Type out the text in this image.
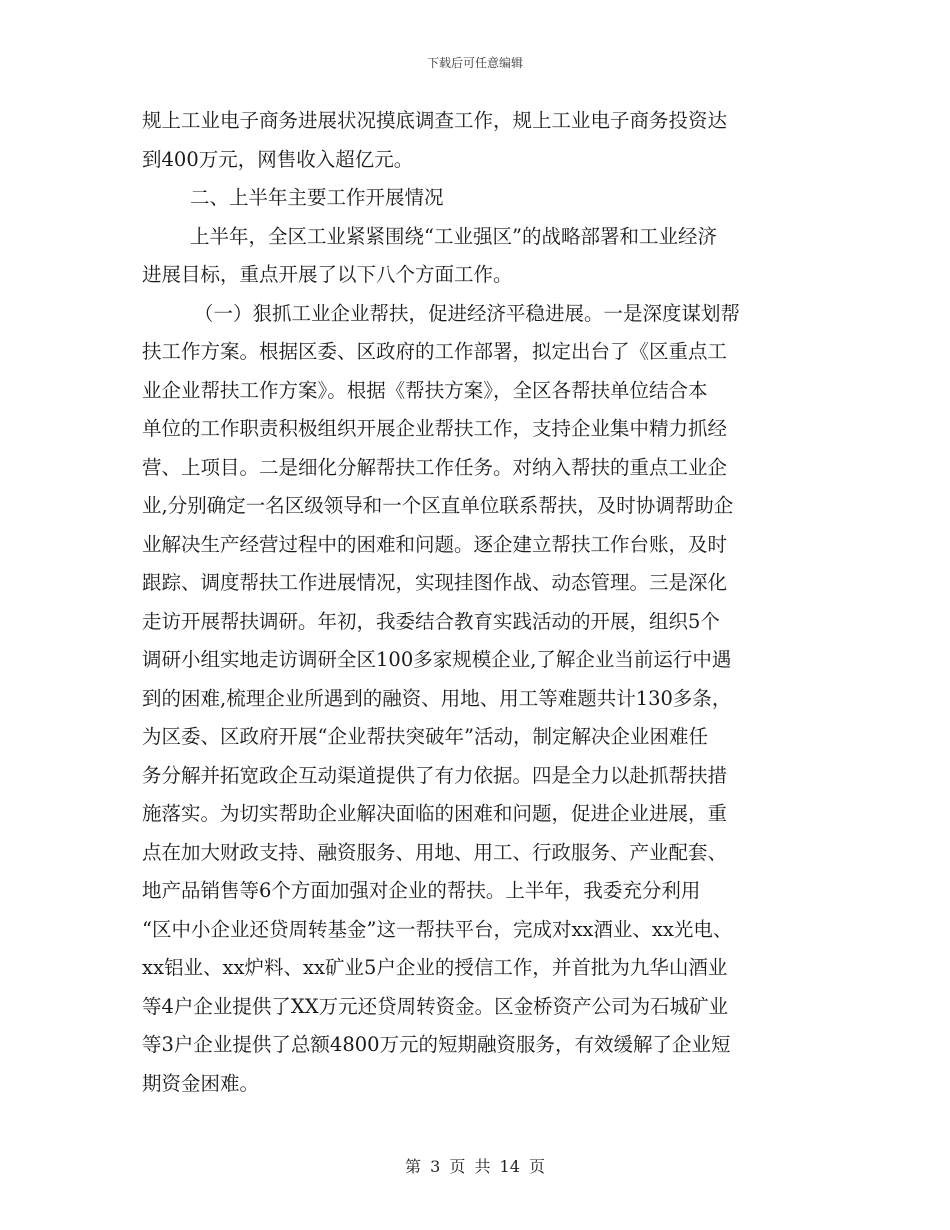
下载后可任意编辑
规上工业电子商务进展状况摸底调查工作，规上工业电子商务投资达
到400万元，网售收入超亿元。
二、上半年主要工作开展情况
上半年，全区工业紧紧围绕“工业强区”的战略部署和工业经济
进展目标，重点开展了以下八个方面工作。
（一）狠抓工业企业帮扶，促进经济平稳进展。一是深度谋划帮
扶工作方案。根据区委、区政府的工作部署，拟定出台了《区重点工
业企业帮扶工作方案》。根据《帮扶方案》，全区各帮扶单位结合本
单位的工作职责积极组织开展企业帮扶工作，支持企业集中精力抓经
营、上项目。二是细化分解帮扶工作任务。对纳入帮扶的重点工业企
业,分别确定一名区级领导和一个区直单位联系帮扶，及时协调帮助企
业解决生产经营过程中的困难和问题。逐企建立帮扶工作台账，及时
跟踪、调度帮扶工作进展情况，实现挂图作战、动态管理。三是深化
走访开展帮扶调研。年初，我委结合教育实践活动的开展，组织5个
调研小组实地走访调研全区100多家规模企业,了解企业当前运行中遇
到的困难,梳理企业所遇到的融资、用地、用工等难题共计130多条，
为区委、区政府开展“企业帮扶突破年”活动，制定解决企业困难任
务分解并拓宽政企互动渠道提供了有力依据。四是全力以赴抓帮扶措
施落实。为切实帮助企业解决面临的困难和问题，促进企业进展，重
点在加大财政支持、融资服务、用地、用工、行政服务、产业配套、
地产品销售等6个方面加强对企业的帮扶。上半年，我委充分利用
“区中小企业还贷周转基金”这一帮扶平台，完成对xx酒业、xx光电、
xx铝业、xx炉料、xx矿业5户企业的授信工作，并首批为九华山酒业
等4户企业提供了XX万元还贷周转资金。区金桥资产公司为石城矿业
等3户企业提供了总额4800万元的短期融资服务，有效缓解了企业短
期资金困难。
第 3 页 共 14 页
